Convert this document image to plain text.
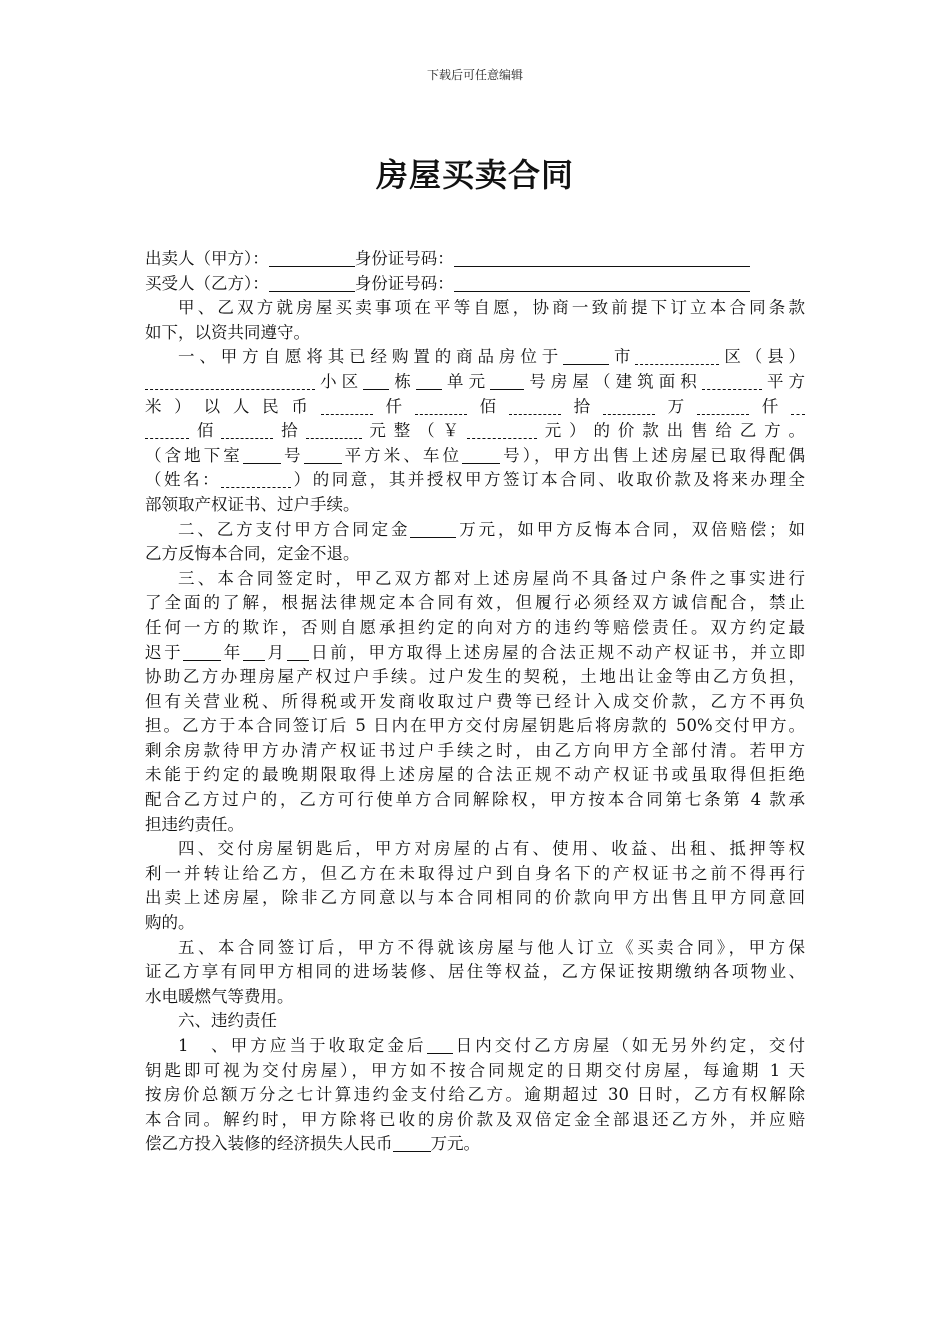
下载后可任意编辑
房屋买卖合同
出卖人（甲方）：	身份证号码：
买受人（乙方）：	身份证号码：
甲、乙双方就房屋买卖事项在平等自愿，协商一致前提下订立本合同条款
如下，以资共同遵守。
一、甲方自愿将其已经购置的商品房位于	市	区（县）
小区 栋 单元 号房屋（建筑面积	平方
米）以人民币	仟	佰	拾	万	仟
佰	拾	元整（￥	元）的价款出售给乙方。
（含地下室 号 平方米、车位 号），甲方出售上述房屋已取得配偶
（姓名：	）的同意，其并授权甲方签订本合同、收取价款及将来办理全
部领取产权证书、过户手续。
二、乙方支付甲方合同定金	万元，如甲方反悔本合同，双倍赔偿；如
乙方反悔本合同，定金不退。
三、本合同签定时，甲乙双方都对上述房屋尚不具备过户条件之事实进行
了全面的了解，根据法律规定本合同有效，但履行必须经双方诚信配合，禁止
任何一方的欺诈，否则自愿承担约定的向对方的违约等赔偿责任。双方约定最
迟于 年 月 日前，甲方取得上述房屋的合法正规不动产权证书，并立即
协助乙方办理房屋产权过户手续。过户发生的契税，土地出让金等由乙方负担，
但有关营业税、所得税或开发商收取过户费等已经计入成交价款，乙方不再负
担。乙方于本合同签订后 5 日内在甲方交付房屋钥匙后将房款的 50%交付甲方。
剩余房款待甲方办清产权证书过户手续之时，由乙方向甲方全部付清。若甲方
未能于约定的最晚期限取得上述房屋的合法正规不动产权证书或虽取得但拒绝
配合乙方过户的，乙方可行使单方合同解除权，甲方按本合同第七条第 4 款承
担违约责任。
四、交付房屋钥匙后，甲方对房屋的占有、使用、收益、出租、抵押等权
利一并转让给乙方，但乙方在未取得过户到自身名下的产权证书之前不得再行
出卖上述房屋，除非乙方同意以与本合同相同的价款向甲方出售且甲方同意回
购的。
五、本合同签订后，甲方不得就该房屋与他人订立《买卖合同》，甲方保
证乙方享有同甲方相同的进场装修、居住等权益，乙方保证按期缴纳各项物业、
水电暖燃气等费用。
六、违约责任
1　、甲方应当于收取定金后 日内交付乙方房屋（如无另外约定，交付
钥匙即可视为交付房屋），甲方如不按合同规定的日期交付房屋，每逾期 1 天
按房价总额万分之七计算违约金支付给乙方。逾期超过 30 日时，乙方有权解除
本合同。解约时，甲方除将已收的房价款及双倍定金全部退还乙方外，并应赔
偿乙方投入装修的经济损失人民币 万元。
